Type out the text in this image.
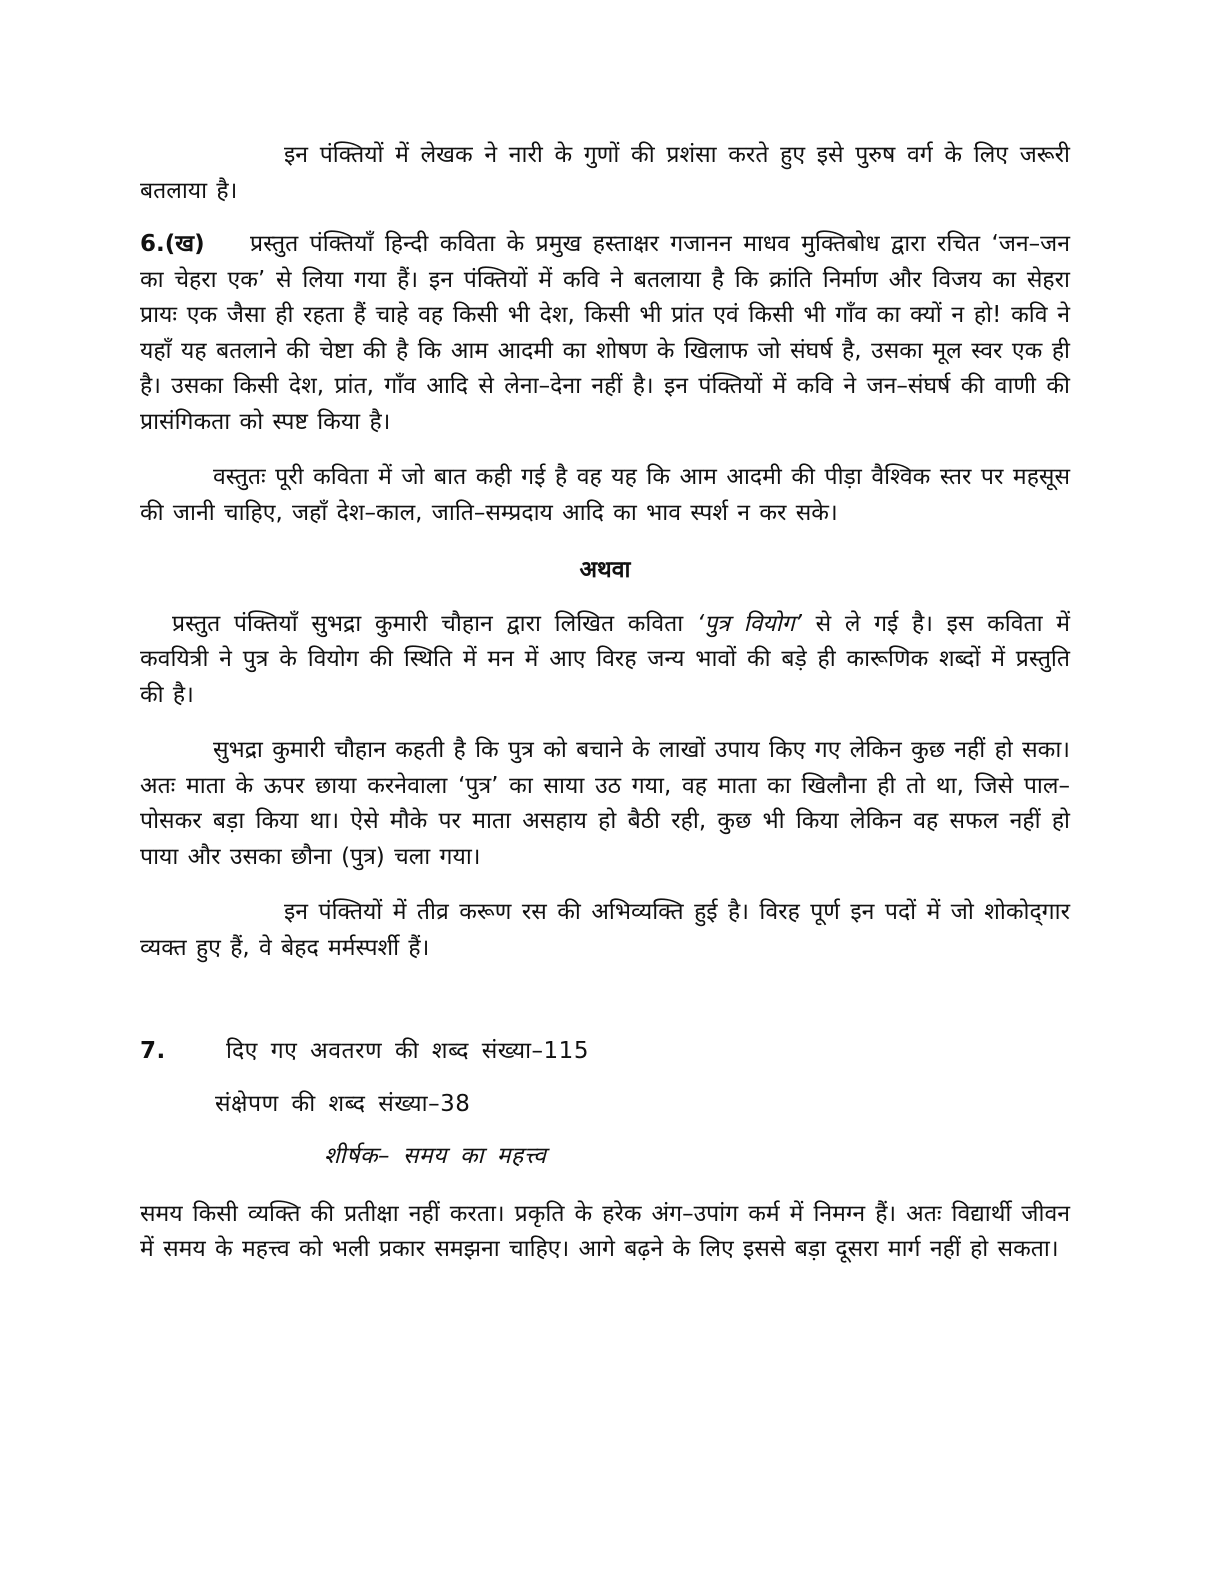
इन पंक्तियों में लेखक ने नारी के गुणों की प्रशंसा करते हुए इसे पुरुष वर्ग के लिए जरूरी बतलाया है।

6.(ख) प्रस्तुत पंक्तियाँ हिन्दी कविता के प्रमुख हस्ताक्षर गजानन माधव मुक्तिबोध द्वारा रचित ‘जन–जन का चेहरा एक’ से लिया गया हैं। इन पंक्तियों में कवि ने बतलाया है कि क्रांति निर्माण और विजय का सेहरा प्रायः एक जैसा ही रहता हैं चाहे वह किसी भी देश, किसी भी प्रांत एवं किसी भी गाँव का क्यों न हो! कवि ने यहाँ यह बतलाने की चेष्टा की है कि आम आदमी का शोषण के खिलाफ जो संघर्ष है, उसका मूल स्वर एक ही है। उसका किसी देश, प्रांत, गाँव आदि से लेना–देना नहीं है। इन पंक्तियों में कवि ने जन–संघर्ष की वाणी की प्रासंगिकता को स्पष्ट किया है।

वस्तुतः पूरी कविता में जो बात कही गई है वह यह कि आम आदमी की पीड़ा वैश्विक स्तर पर महसूस की जानी चाहिए, जहाँ देश–काल, जाति–सम्प्रदाय आदि का भाव स्पर्श न कर सके।

अथवा

प्रस्तुत पंक्तियाँ सुभद्रा कुमारी चौहान द्वारा लिखित कविता ‘पुत्र वियोग’ से ले गई है। इस कविता में कवयित्री ने पुत्र के वियोग की स्थिति में मन में आए विरह जन्य भावों की बड़े ही कारूणिक शब्दों में प्रस्तुति की है।

सुभद्रा कुमारी चौहान कहती है कि पुत्र को बचाने के लाखों उपाय किए गए लेकिन कुछ नहीं हो सका। अतः माता के ऊपर छाया करनेवाला ‘पुत्र’ का साया उठ गया, वह माता का खिलौना ही तो था, जिसे पाल–पोसकर बड़ा किया था। ऐसे मौके पर माता असहाय हो बैठी रही, कुछ भी किया लेकिन वह सफल नहीं हो पाया और उसका छौना (पुत्र) चला गया।

इन पंक्तियों में तीव्र करूण रस की अभिव्यक्ति हुई है। विरह पूर्ण इन पदों में जो शोकोद्‌गार व्यक्त हुए हैं, वे बेहद मर्मस्पर्शी हैं।

7.	दिए गए अवतरण की शब्द संख्या–115
संक्षेपण की शब्द संख्या–38
शीर्षक– समय का महत्त्व

समय किसी व्यक्ति की प्रतीक्षा नहीं करता। प्रकृति के हरेक अंग–उपांग कर्म में निमग्न हैं। अतः विद्यार्थी जीवन में समय के महत्त्व को भली प्रकार समझना चाहिए। आगे बढ़ने के लिए इससे बड़ा दूसरा मार्ग नहीं हो सकता।
